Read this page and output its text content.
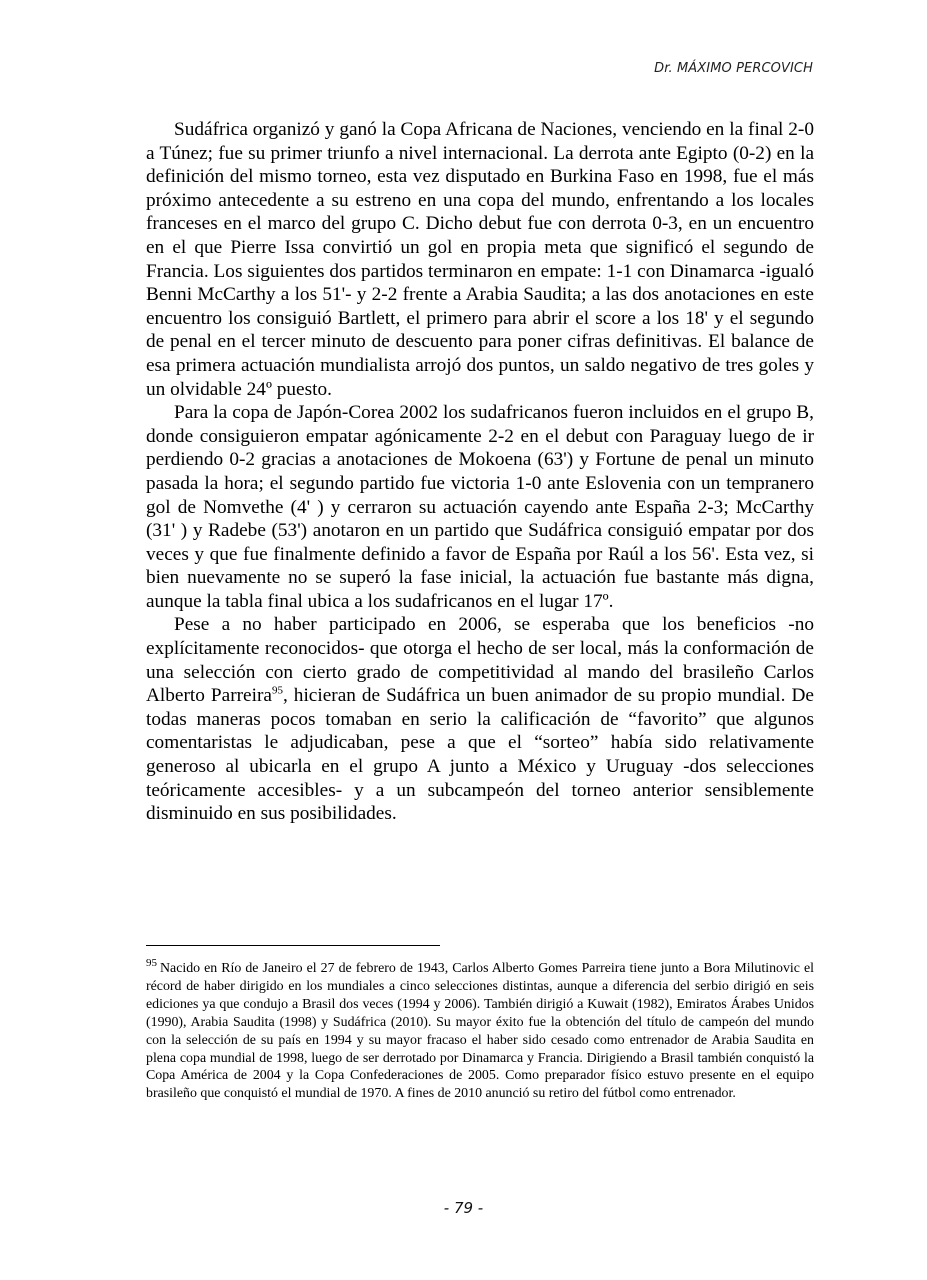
Dr. MÁXIMO PERCOVICH

Sudáfrica organizó y ganó la Copa Africana de Naciones, venciendo en la final 2-0 a Túnez; fue su primer triunfo a nivel internacional. La derrota ante Egipto (0-2) en la definición del mismo torneo, esta vez disputado en Burkina Faso en 1998, fue el más próximo antecedente a su estreno en una copa del mundo, enfrentando a los locales franceses en el marco del grupo C. Dicho debut fue con derrota 0-3, en un encuentro en el que Pierre Issa convirtió un gol en propia meta que significó el segundo de Francia. Los siguientes dos partidos terminaron en empate: 1-1 con Dinamarca -igualó Benni McCarthy a los 51'- y 2-2 frente a Arabia Saudita; a las dos anotaciones en este encuentro los consiguió Bartlett, el primero para abrir el score a los 18' y el segundo de penal en el tercer minuto de descuento para poner cifras definitivas. El balance de esa primera actuación mundialista arrojó dos puntos, un saldo negativo de tres goles y un olvidable 24º puesto.

Para la copa de Japón-Corea 2002 los sudafricanos fueron incluidos en el grupo B, donde consiguieron empatar agónicamente 2-2 en el debut con Paraguay luego de ir perdiendo 0-2 gracias a anotaciones de Mokoena (63') y Fortune de penal un minuto pasada la hora; el segundo partido fue victoria 1-0 ante Eslovenia con un tempranero gol de Nomvethe (4' ) y cerraron su actuación cayendo ante España 2-3; McCarthy (31' ) y Radebe (53') anotaron en un partido que Sudáfrica consiguió empatar por dos veces y que fue finalmente definido a favor de España por Raúl a los 56'. Esta vez, si bien nuevamente no se superó la fase inicial, la actuación fue bastante más digna, aunque la tabla final ubica a los sudafricanos en el lugar 17º.

Pese a no haber participado en 2006, se esperaba que los beneficios -no explícitamente reconocidos- que otorga el hecho de ser local, más la conformación de una selección con cierto grado de competitividad al mando del brasileño Carlos Alberto Parreira$^{95}$, hicieran de Sudáfrica un buen animador de su propio mundial. De todas maneras pocos tomaban en serio la calificación de “favorito” que algunos comentaristas le adjudicaban, pese a que el “sorteo” había sido relativamente generoso al ubicarla en el grupo A junto a México y Uruguay -dos selecciones teóricamente accesibles- y a un subcampeón del torneo anterior sensiblemente disminuido en sus posibilidades.

$^{95}$ Nacido en Río de Janeiro el 27 de febrero de 1943, Carlos Alberto Gomes Parreira tiene junto a Bora Milutinovic el récord de haber dirigido en los mundiales a cinco selecciones distintas, aunque a diferencia del serbio dirigió en seis ediciones ya que condujo a Brasil dos veces (1994 y 2006). También dirigió a Kuwait (1982), Emiratos Árabes Unidos (1990), Arabia Saudita (1998) y Sudáfrica (2010). Su mayor éxito fue la obtención del título de campeón del mundo con la selección de su país en 1994 y su mayor fracaso el haber sido cesado como entrenador de Arabia Saudita en plena copa mundial de 1998, luego de ser derrotado por Dinamarca y Francia. Dirigiendo a Brasil también conquistó la Copa América de 2004 y la Copa Confederaciones de 2005. Como preparador físico estuvo presente en el equipo brasileño que conquistó el mundial de 1970. A fines de 2010 anunció su retiro del fútbol como entrenador.
- 79 -
